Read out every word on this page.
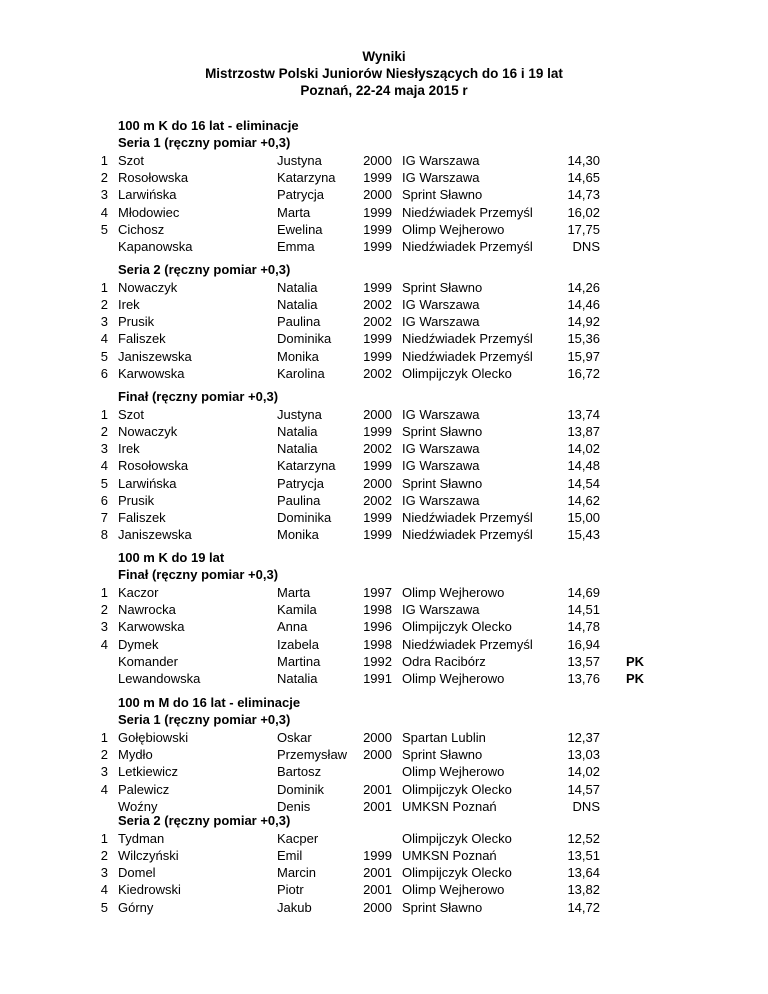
Wyniki
Mistrzostw Polski Juniorów Niesłyszących do 16 i 19 lat
Poznań, 22-24 maja 2015 r
100 m K do 16 lat - eliminacje
Seria 1 (ręczny pomiar +0,3)
1 Szot	Justyna	2000 IG Warszawa	14,30
2 Rosołowska	Katarzyna	1999 IG Warszawa	14,65
3 Larwińska	Patrycja	2000 Sprint Sławno	14,73
4 Młodowiec	Marta	1999 Niedźwiadek Przemyśl	16,02
5 Cichosz	Ewelina	1999 Olimp Wejherowo	17,75
Kapanowska	Emma	1999 Niedźwiadek Przemyśl	DNS
Seria 2 (ręczny pomiar +0,3)
1 Nowaczyk	Natalia	1999 Sprint Sławno	14,26
2 Irek	Natalia	2002 IG Warszawa	14,46
3 Prusik	Paulina	2002 IG Warszawa	14,92
4 Faliszek	Dominika	1999 Niedźwiadek Przemyśl	15,36
5 Janiszewska	Monika	1999 Niedźwiadek Przemyśl	15,97
6 Karwowska	Karolina	2002 Olimpijczyk Olecko	16,72
Finał (ręczny pomiar +0,3)
1 Szot	Justyna	2000 IG Warszawa	13,74
2 Nowaczyk	Natalia	1999 Sprint Sławno	13,87
3 Irek	Natalia	2002 IG Warszawa	14,02
4 Rosołowska	Katarzyna	1999 IG Warszawa	14,48
5 Larwińska	Patrycja	2000 Sprint Sławno	14,54
6 Prusik	Paulina	2002 IG Warszawa	14,62
7 Faliszek	Dominika	1999 Niedźwiadek Przemyśl	15,00
8 Janiszewska	Monika	1999 Niedźwiadek Przemyśl	15,43
100 m K do 19 lat
Finał (ręczny pomiar +0,3)
1 Kaczor	Marta	1997 Olimp Wejherowo	14,69
2 Nawrocka	Kamila	1998 IG Warszawa	14,51
3 Karwowska	Anna	1996 Olimpijczyk Olecko	14,78
4 Dymek	Izabela	1998 Niedźwiadek Przemyśl	16,94
Komander	Martina	1992 Odra Racibórz	13,57 PK
Lewandowska	Natalia	1991 Olimp Wejherowo	13,76 PK
100 m M do 16 lat - eliminacje
Seria 1 (ręczny pomiar +0,3)
1 Gołębiowski	Oskar	2000 Spartan Lublin	12,37
2 Mydło	Przemysław	2000 Sprint Sławno	13,03
3 Letkiewicz	Bartosz	Olimp Wejherowo	14,02
4 Palewicz	Dominik	2001 Olimpijczyk Olecko	14,57
Woźny	Denis	2001 UMKSN Poznań	DNS
Seria 2 (ręczny pomiar +0,3)
1 Tydman	Kacper	Olimpijczyk Olecko	12,52
2 Wilczyński	Emil	1999 UMKSN Poznań	13,51
3 Domel	Marcin	2001 Olimpijczyk Olecko	13,64
4 Kiedrowski	Piotr	2001 Olimp Wejherowo	13,82
5 Górny	Jakub	2000 Sprint Sławno	14,72
